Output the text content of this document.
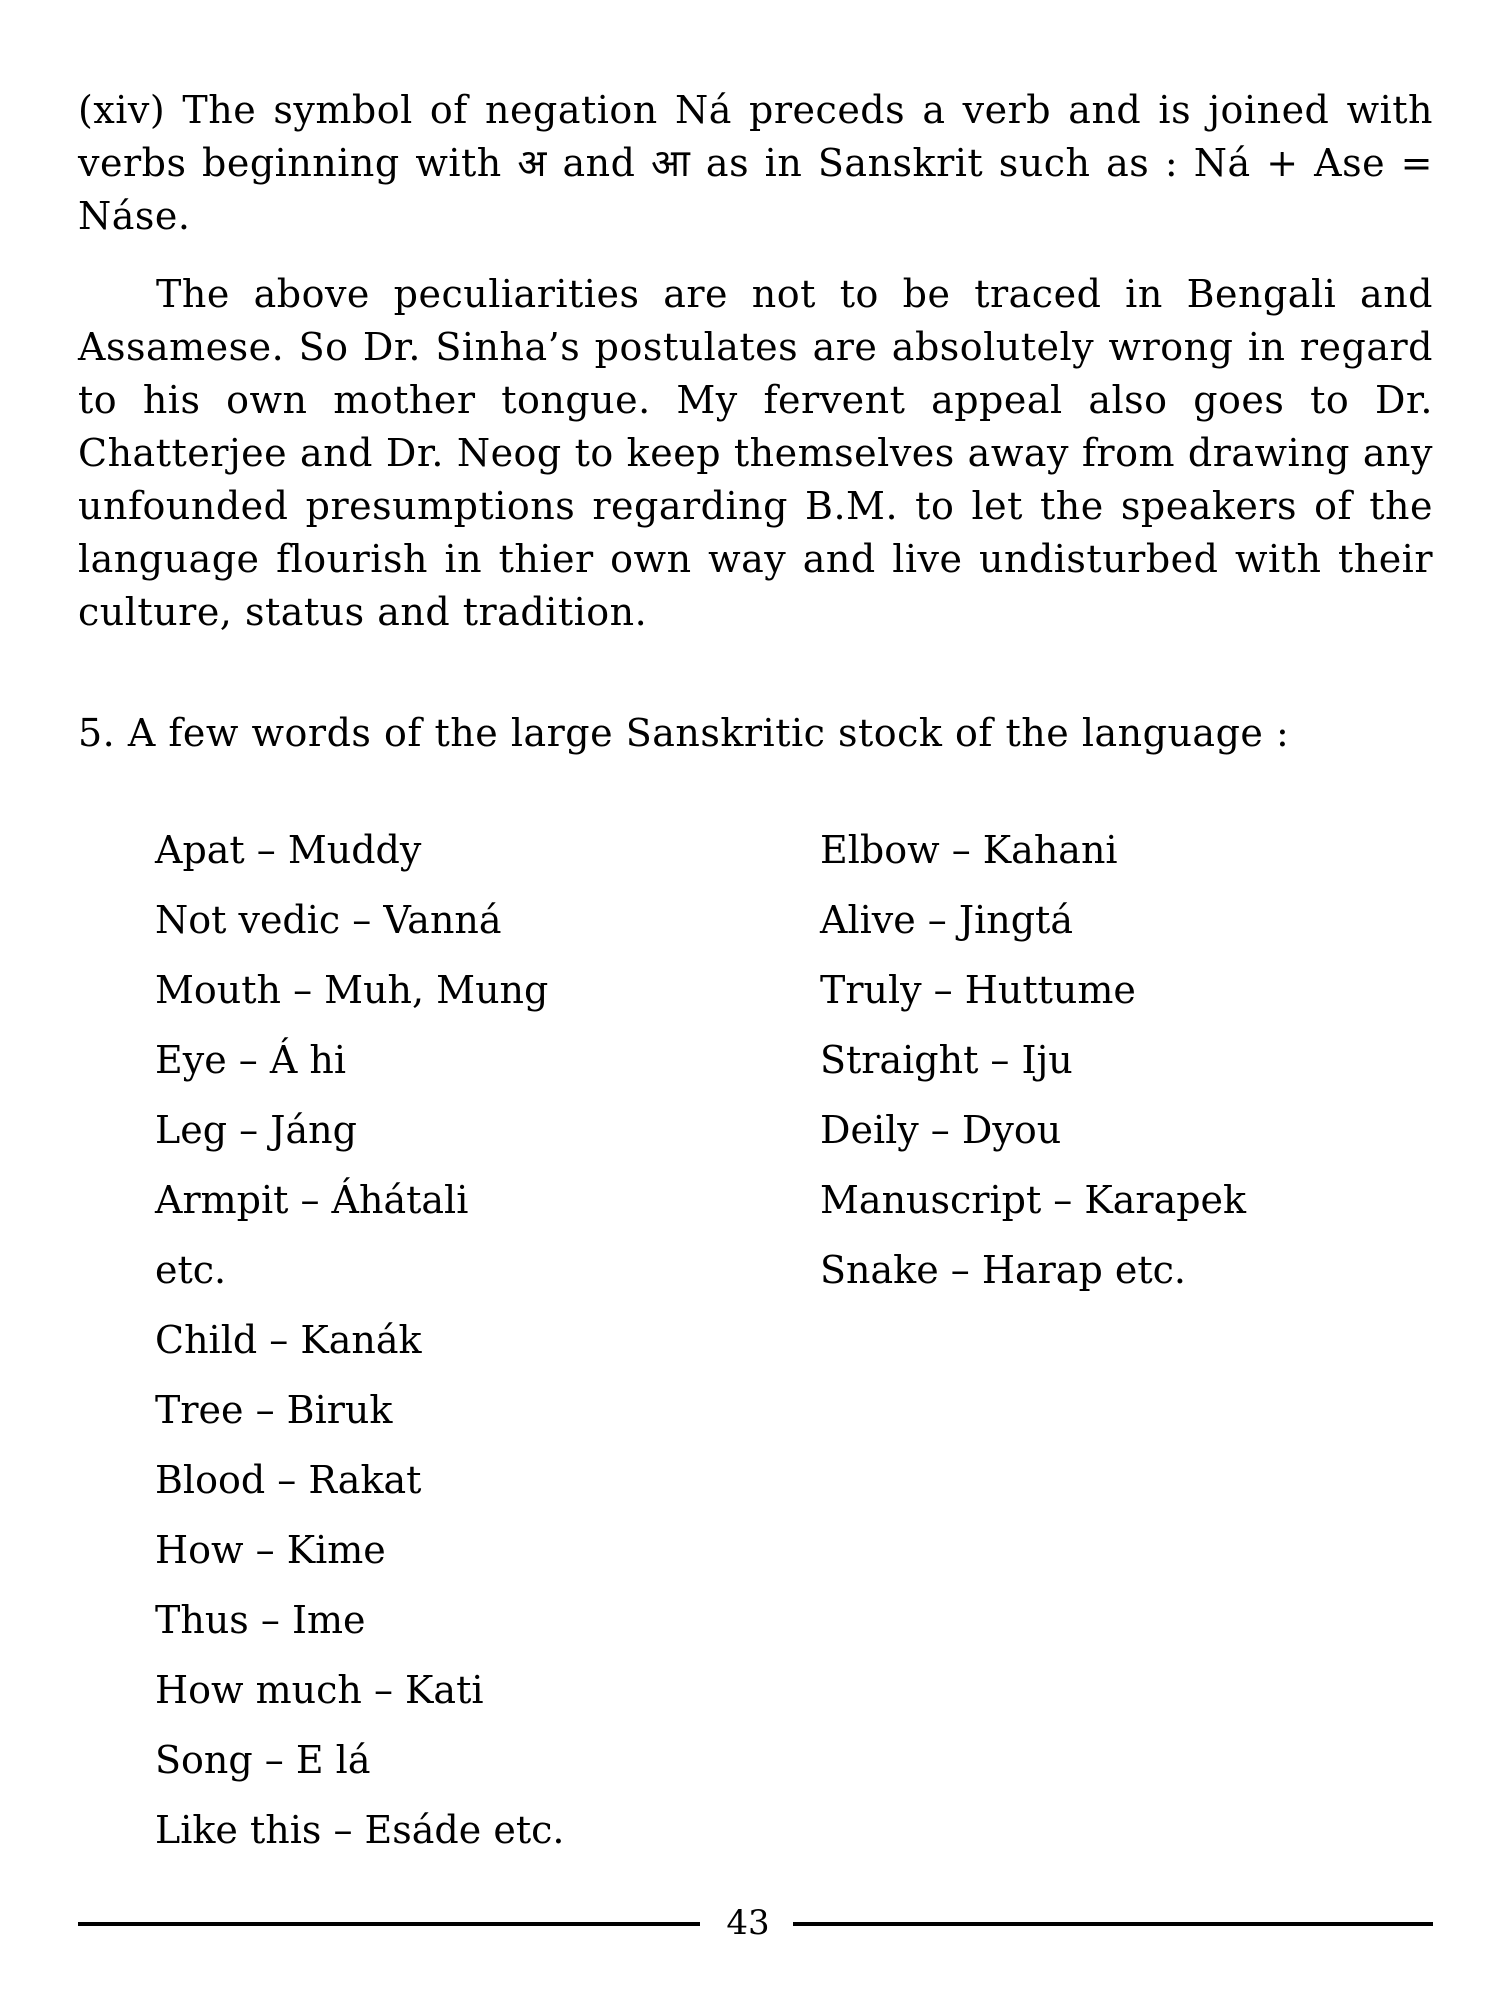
(xiv) The symbol of negation Ná preceds a verb and is joined with verbs beginning with अ and आ as in Sanskrit such as : Ná + Ase = Náse.

The above peculiarities are not to be traced in Bengali and Assamese. So Dr. Sinha’s postulates are absolutely wrong in regard to his own mother tongue. My fervent appeal also goes to Dr. Chatterjee and Dr. Neog to keep themselves away from drawing any unfounded presumptions regarding B.M. to let the speakers of the language flourish in thier own way and live undisturbed with their culture, status and tradition.

5. A few words of the large Sanskritic stock of the language :

Apat – Muddy
Not vedic – Vanná
Mouth – Muh, Mung
Eye – Á hi
Leg – Jáng
Armpit – Áhátali
etc.
Child – Kanák
Tree – Biruk
Blood – Rakat
How – Kime
Thus – Ime
How much – Kati
Song – E lá
Like this – Esáde etc.
Elbow – Kahani
Alive – Jingtá
Truly – Huttume
Straight – Iju
Deily – Dyou
Manuscript – Karapek
Snake – Harap etc.
43
